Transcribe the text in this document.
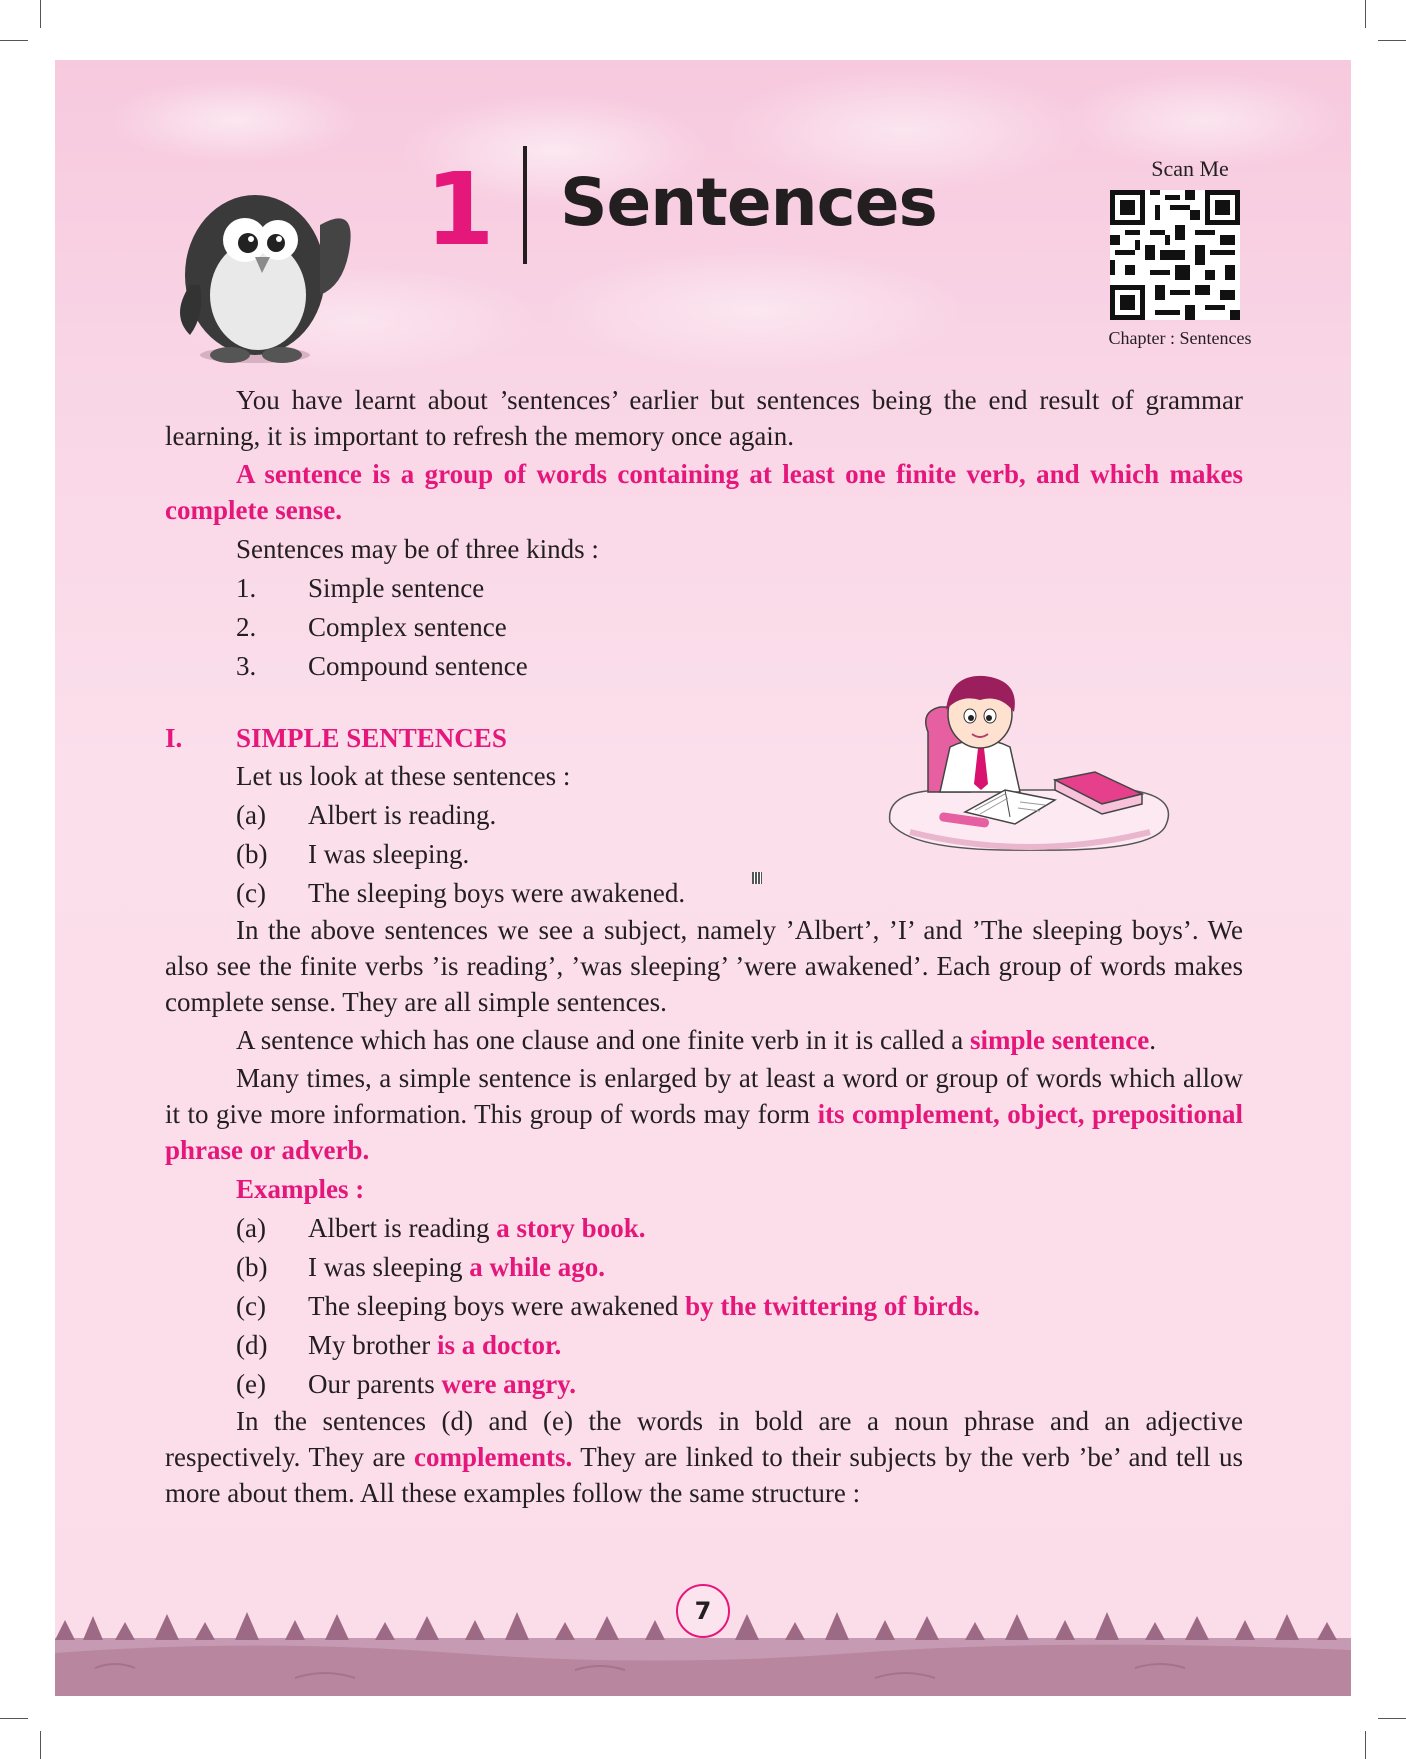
1 Sentences	Scan Me
Chapter : Sentences

You have learnt about ’sentences’ earlier but sentences being the end result of grammar learning, it is important to refresh the memory once again.

A sentence is a group of words containing at least one finite verb, and which makes complete sense.

Sentences may be of three kinds :
1.	Simple sentence
2.	Complex sentence
3.	Compound sentence
I.	SIMPLE SENTENCES
Let us look at these sentences :
(a)	Albert is reading.
(b)	I was sleeping.
(c)	The sleeping boys were awakened.

In the above sentences we see a subject, namely ’Albert’, ’I’ and ’The sleeping boys’. We also see the finite verbs ’is reading’, ’was sleeping’ ’were awakened’. Each group of words makes complete sense. They are all simple sentences.

A sentence which has one clause and one finite verb in it is called a simple sentence.

Many times, a simple sentence is enlarged by at least a word or group of words which allow it to give more information. This group of words may form its complement, object, prepositional phrase or adverb.

Examples :
(a)	Albert is reading a story book.
(b)	I was sleeping a while ago.
(c)	The sleeping boys were awakened by the twittering of birds.
(d)	My brother is a doctor.
(e)	Our parents were angry.

In the sentences (d) and (e) the words in bold are a noun phrase and an adjective respectively. They are complements. They are linked to their subjects by the verb ’be’ and tell us more about them. All these examples follow the same structure :

7
